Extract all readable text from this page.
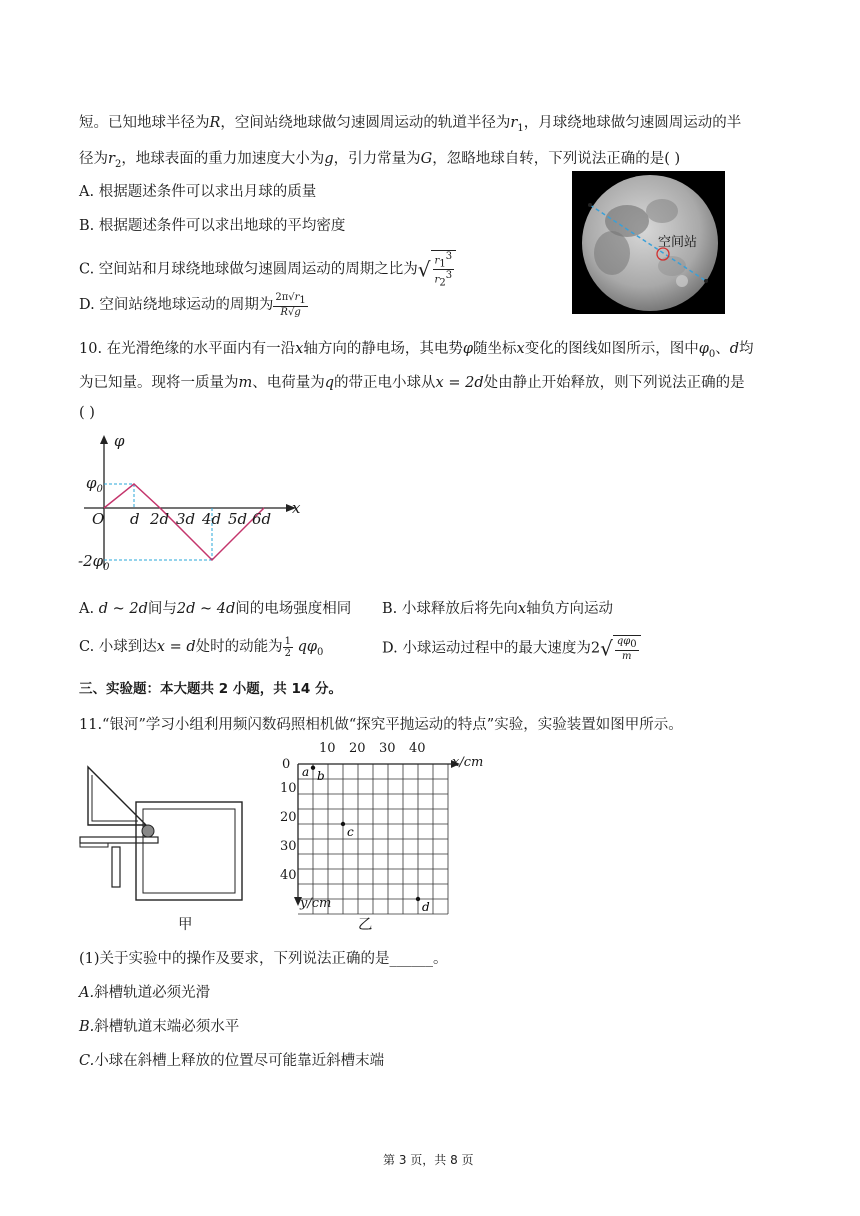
短。已知地球半径为R，空间站绕地球做匀速圆周运动的轨道半径为$r_1$，月球绕地球做匀速圆周运动的半
径为$r_2$，地球表面的重力加速度大小为g，引力常量为G，忽略地球自转，下列说法正确的是( )
A. 根据题述条件可以求出月球的质量
B. 根据题述条件可以求出地球的平均密度
C. 空间站和月球绕地球做匀速圆周运动的周期之比为√ $\frac{r_1^3}{r_2^3}$
D. 空间站绕地球运动的周期为 $\frac{2\pi√r_1}{R√g}$
空间站
10. 在光滑绝缘的水平面内有一沿x轴方向的静电场，其电势φ随坐标x变化的图线如图所示，图中$\varphi_0$、d均
为已知量。现将一质量为m、电荷量为q的带正电小球从x = 2d处由静止开始释放，则下列说法正确的是
( )
φ
x
O
$\varphi_0$
$-2\varphi_0$
d 2d 3d 4d 5d 6d
A. d ~ 2d间与2d ~ 4d间的电场强度相同 B. 小球释放后将先向x轴负方向运动
C. 小球到达x = d处时的动能为 $\frac{1}{2} q\varphi_0$	D. 小球运动过程中的最大速度为$2√ \frac{q\varphi_0}{m}$
三、实验题：本大题共 2 小题，共 14 分。
11.“银河”学习小组利用频闪数码照相机做“探究平抛运动的特点”实验，实验装置如图甲所示。
甲
a b
c
d
0
10 20 30 40
10
20
30
40
x/cm
y/cm
乙
(1)关于实验中的操作及要求，下列说法正确的是______。
A.斜槽轨道必须光滑
B.斜槽轨道末端必须水平
C.小球在斜槽上释放的位置尽可能靠近斜槽末端
第 3 页，共 8 页
